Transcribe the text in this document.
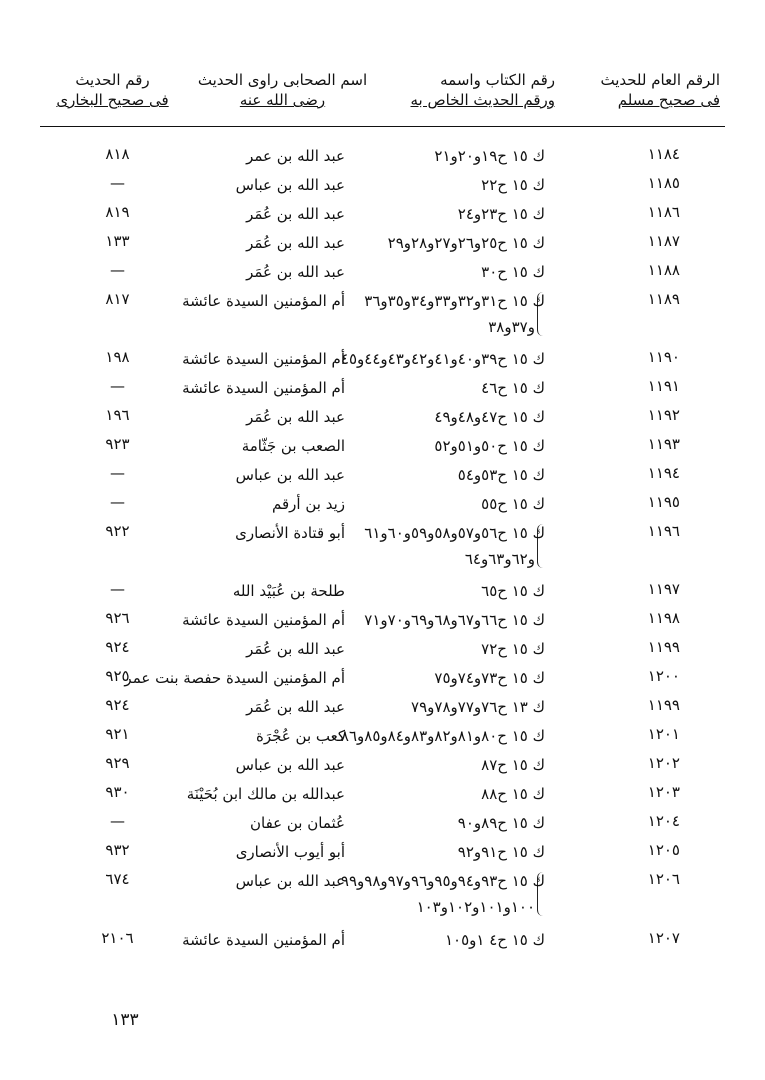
الرقم العام للحديث
فى صحيح مسلم
رقم الكتاب واسمه
ورقم الحديث الخاص به
اسم الصحابى راوى الحديث
رضى الله عنه
رقم الحديث
فى صحيح البخارى
١١٨٤
ك ١٥ ح١٩و٢٠و٢١
عبد الله بن عمر
٨١٨
١١٨٥
ك ١٥ ح٢٢
عبد الله بن عباس
—
١١٨٦
ك ١٥ ح٢٣و٢٤
عبد الله بن عُمَر
٨١٩
١١٨٧
ك ١٥ ح٢٥و٢٦و٢٧و٢٨و٢٩
عبد الله بن عُمَر
١٣٣
١١٨٨
ك ١٥ ح٣٠
عبد الله بن عُمَر
—
١١٨٩
ك ١٥ ح٣١و٣٢و٣٣و٣٤و٣٥و٣٦
و٣٧و٣٨
أم المؤمنين السيدة عائشة
٨١٧
١١٩٠
ك ١٥ ح٣٩و٤٠و٤١و٤٢و٤٣و٤٤و٤٥
أم المؤمنين السيدة عائشة
١٩٨
١١٩١
ك ١٥ ح٤٦
أم المؤمنين السيدة عائشة
—
١١٩٢
ك ١٥ ح٤٧و٤٨و٤٩
عبد الله بن عُمَر
١٩٦
١١٩٣
ك ١٥ ح٥٠و٥١و٥٢
الصعب بن جَثّامة
٩٢٣
١١٩٤
ك ١٥ ح٥٣و٥٤
عبد الله بن عباس
—
١١٩٥
ك ١٥ ح٥٥
زيد بن أرقم
—
١١٩٦
ك ١٥ ح٥٦و٥٧و٥٨و٥٩و٦٠و٦١
و٦٢و٦٣و٦٤
أبو قتادة الأنصارى
٩٢٢
١١٩٧
ك ١٥ ح٦٥
طلحة بن عُبَيْد الله
—
١١٩٨
ك ١٥ ح٦٦و٦٧و٦٨و٦٩و٧٠و٧١
أم المؤمنين السيدة عائشة
٩٢٦
١١٩٩
ك ١٥ ح٧٢
عبد الله بن عُمَر
٩٢٤
١٢٠٠
ك ١٥ ح٧٣و٧٤و٧٥
أم المؤمنين السيدة حفصة بنت عمر
٩٢٥
١١٩٩
ك ١٣ ح٧٦و٧٧و٧٨و٧٩
عبد الله بن عُمَر
٩٢٤
١٢٠١
ك ١٥ ح٨٠و٨١و٨٢و٨٣و٨٤و٨٥و٨٦
كعب بن عُجْرَة
٩٢١
١٢٠٢
ك ١٥ ح٨٧
عبد الله بن عباس
٩٢٩
١٢٠٣
ك ١٥ ح٨٨
عبدالله بن مالك ابن بُحَيْنَة
٩٣٠
١٢٠٤
ك ١٥ ح٨٩و٩٠
عُثمان بن عفان
—
١٢٠٥
ك ١٥ ح٩١و٩٢
أبو أيوب الأنصارى
٩٣٢
١٢٠٦
ك ١٥ ح٩٣و٩٤و٩٥و٩٦و٩٧و٩٨و٩٩
١٠٠و١٠١و١٠٢و١٠٣
عبد الله بن عباس
٦٧٤
١٢٠٧
ك ١٥ ح٤ ١و١٠٥
أم المؤمنين السيدة عائشة
٢١٠٦
١٣٣
